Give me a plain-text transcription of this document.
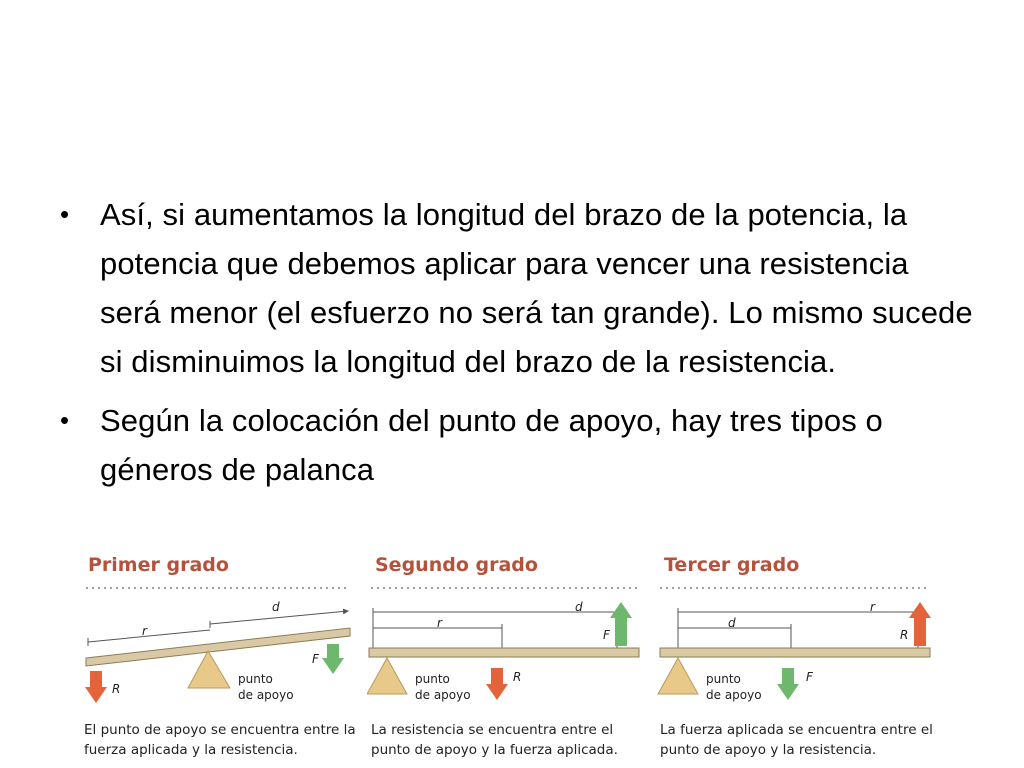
• Así, si aumentamos la longitud del brazo de la potencia, la potencia que debemos aplicar para vencer una resistencia será menor (el esfuerzo no será tan grande). Lo mismo sucede si disminuimos la longitud del brazo de la resistencia.
• Según la colocación del punto de apoyo, hay tres tipos o géneros de palanca
Primer grado
d
r
F
R
punto
de apoyo
El punto de apoyo se encuentra entre la fuerza aplicada y la resistencia.
Segundo grado
d
r
F
R
punto
de apoyo
La resistencia se encuentra entre el punto de apoyo y la fuerza aplicada.
Tercer grado
r
d
R
F
punto
de apoyo
La fuerza aplicada se encuentra entre el punto de apoyo y la resistencia.
